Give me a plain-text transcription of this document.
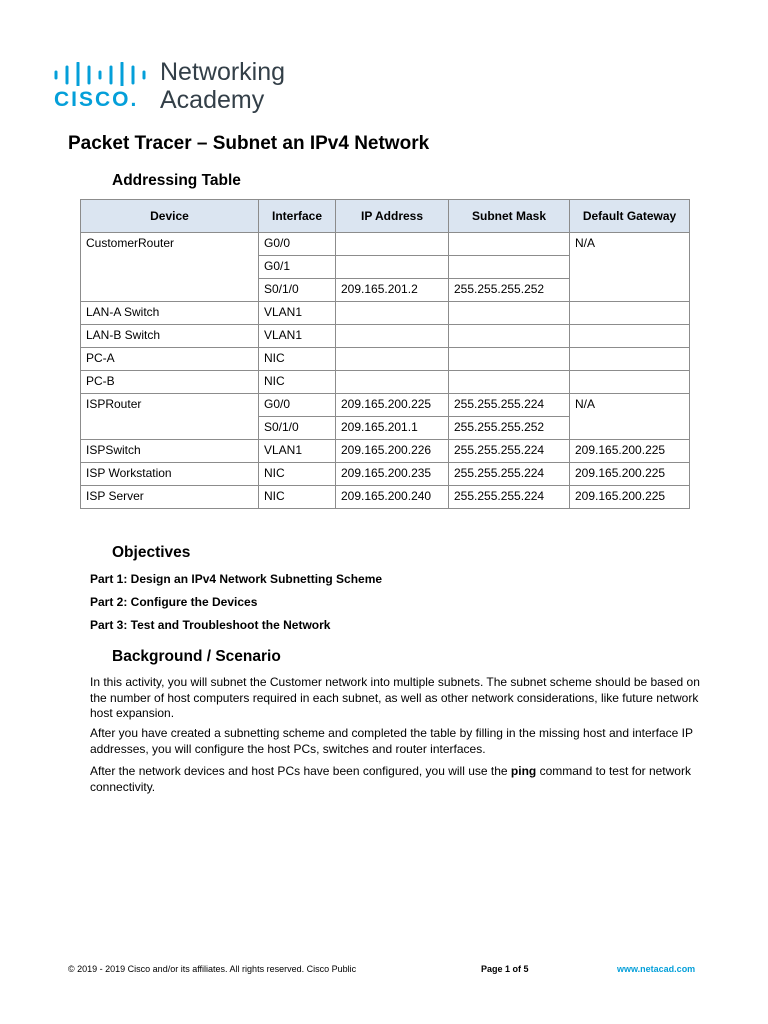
CISCO.
Networking
Academy
Packet Tracer – Subnet an IPv4 Network
Addressing Table
Device	Interface	IP Address	Subnet Mask	Default Gateway
CustomerRouter	G0/0			N/A
	G0/1			
	S0/1/0	209.165.201.2	255.255.255.252	
LAN-A Switch	VLAN1			
LAN-B Switch	VLAN1			
PC-A	NIC			
PC-B	NIC			
ISPRouter	G0/0	209.165.200.225	255.255.255.224	N/A
	S0/1/0	209.165.201.1	255.255.255.252	
ISPSwitch	VLAN1	209.165.200.226	255.255.255.224	209.165.200.225
ISP Workstation	NIC	209.165.200.235	255.255.255.224	209.165.200.225
ISP Server	NIC	209.165.200.240	255.255.255.224	209.165.200.225
Objectives
Part 1: Design an IPv4 Network Subnetting Scheme
Part 2: Configure the Devices
Part 3: Test and Troubleshoot the Network
Background / Scenario
In this activity, you will subnet the Customer network into multiple subnets. The subnet scheme should be based on the number of host computers required in each subnet, as well as other network considerations, like future network host expansion.
After you have created a subnetting scheme and completed the table by filling in the missing host and interface IP addresses, you will configure the host PCs, switches and router interfaces.
After the network devices and host PCs have been configured, you will use the ping command to test for network connectivity.
© 2019 - 2019 Cisco and/or its affiliates. All rights reserved. Cisco Public	Page 1 of 5	www.netacad.com
